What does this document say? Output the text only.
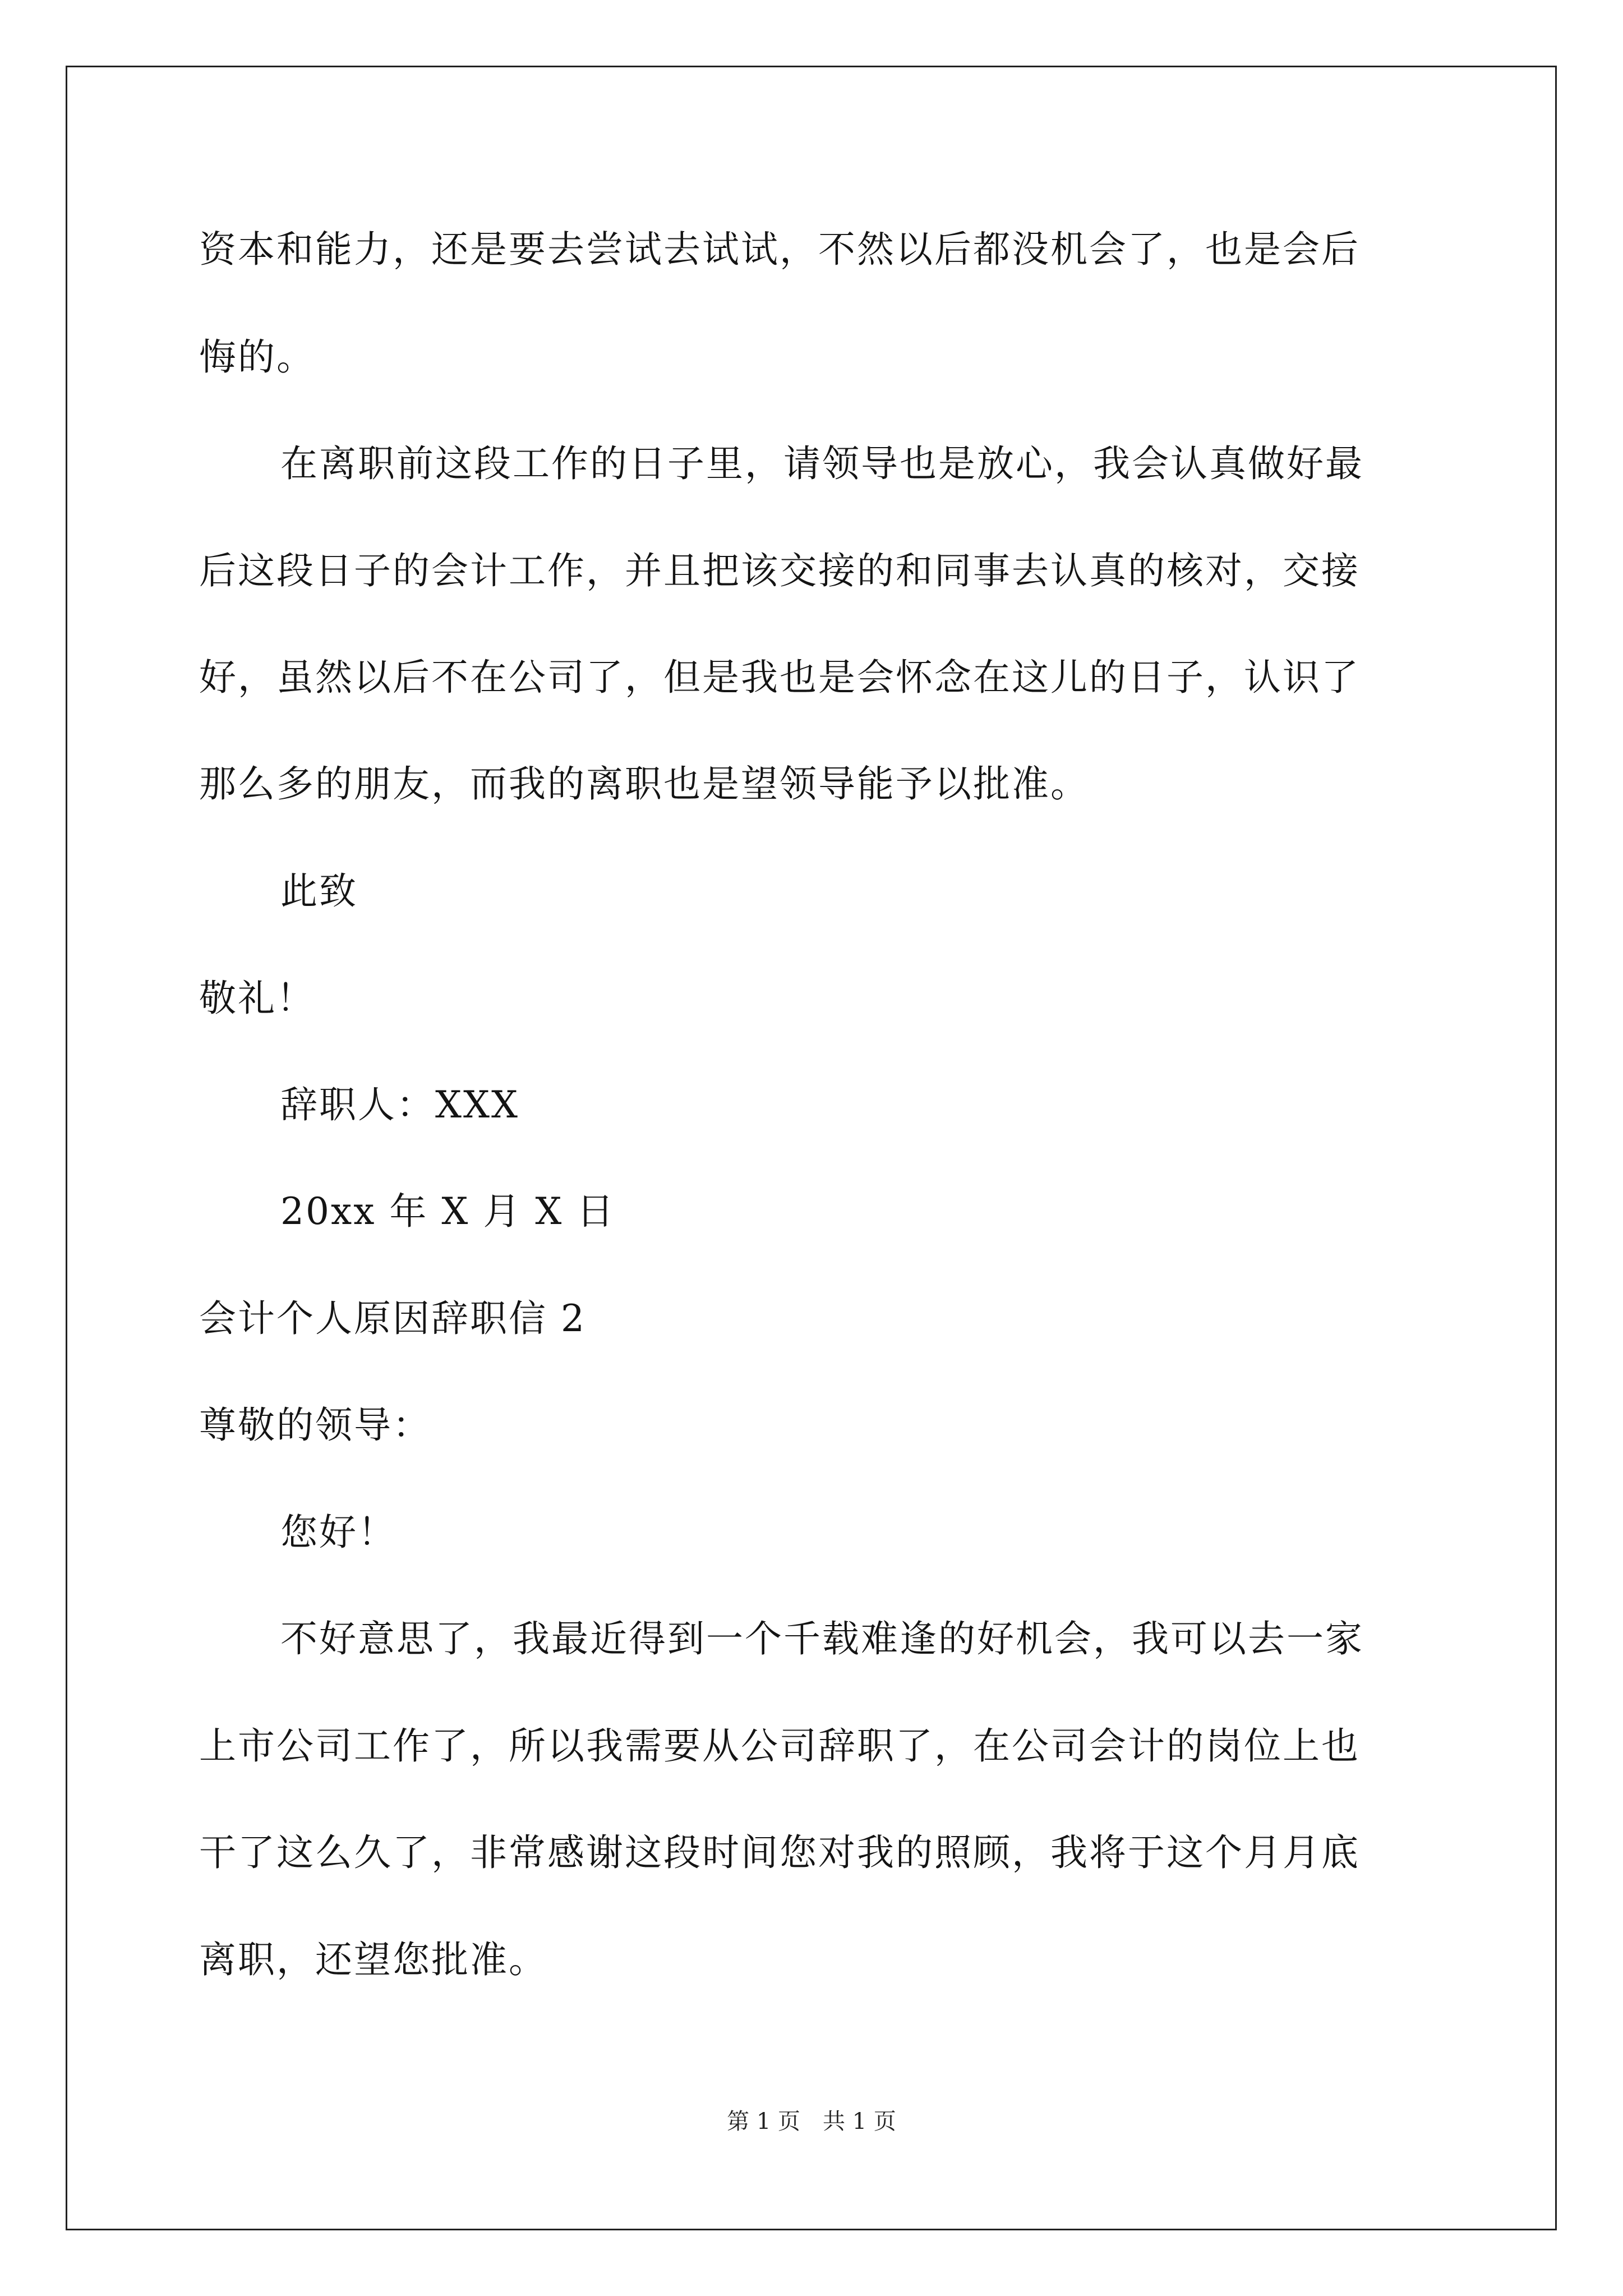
资本和能力，还是要去尝试去试试，不然以后都没机会了，也是会后
悔的。
在离职前这段工作的日子里，请领导也是放心，我会认真做好最
后这段日子的会计工作，并且把该交接的和同事去认真的核对，交接
好，虽然以后不在公司了，但是我也是会怀念在这儿的日子，认识了
那么多的朋友，而我的离职也是望领导能予以批准。
此致
敬礼！
辞职人：XXX
20xx 年 X 月 X 日
会计个人原因辞职信 2
尊敬的领导：
您好！
不好意思了，我最近得到一个千载难逢的好机会，我可以去一家
上市公司工作了，所以我需要从公司辞职了，在公司会计的岗位上也
干了这么久了，非常感谢这段时间您对我的照顾，我将于这个月月底
离职，还望您批准。
第 1 页 共 1 页
